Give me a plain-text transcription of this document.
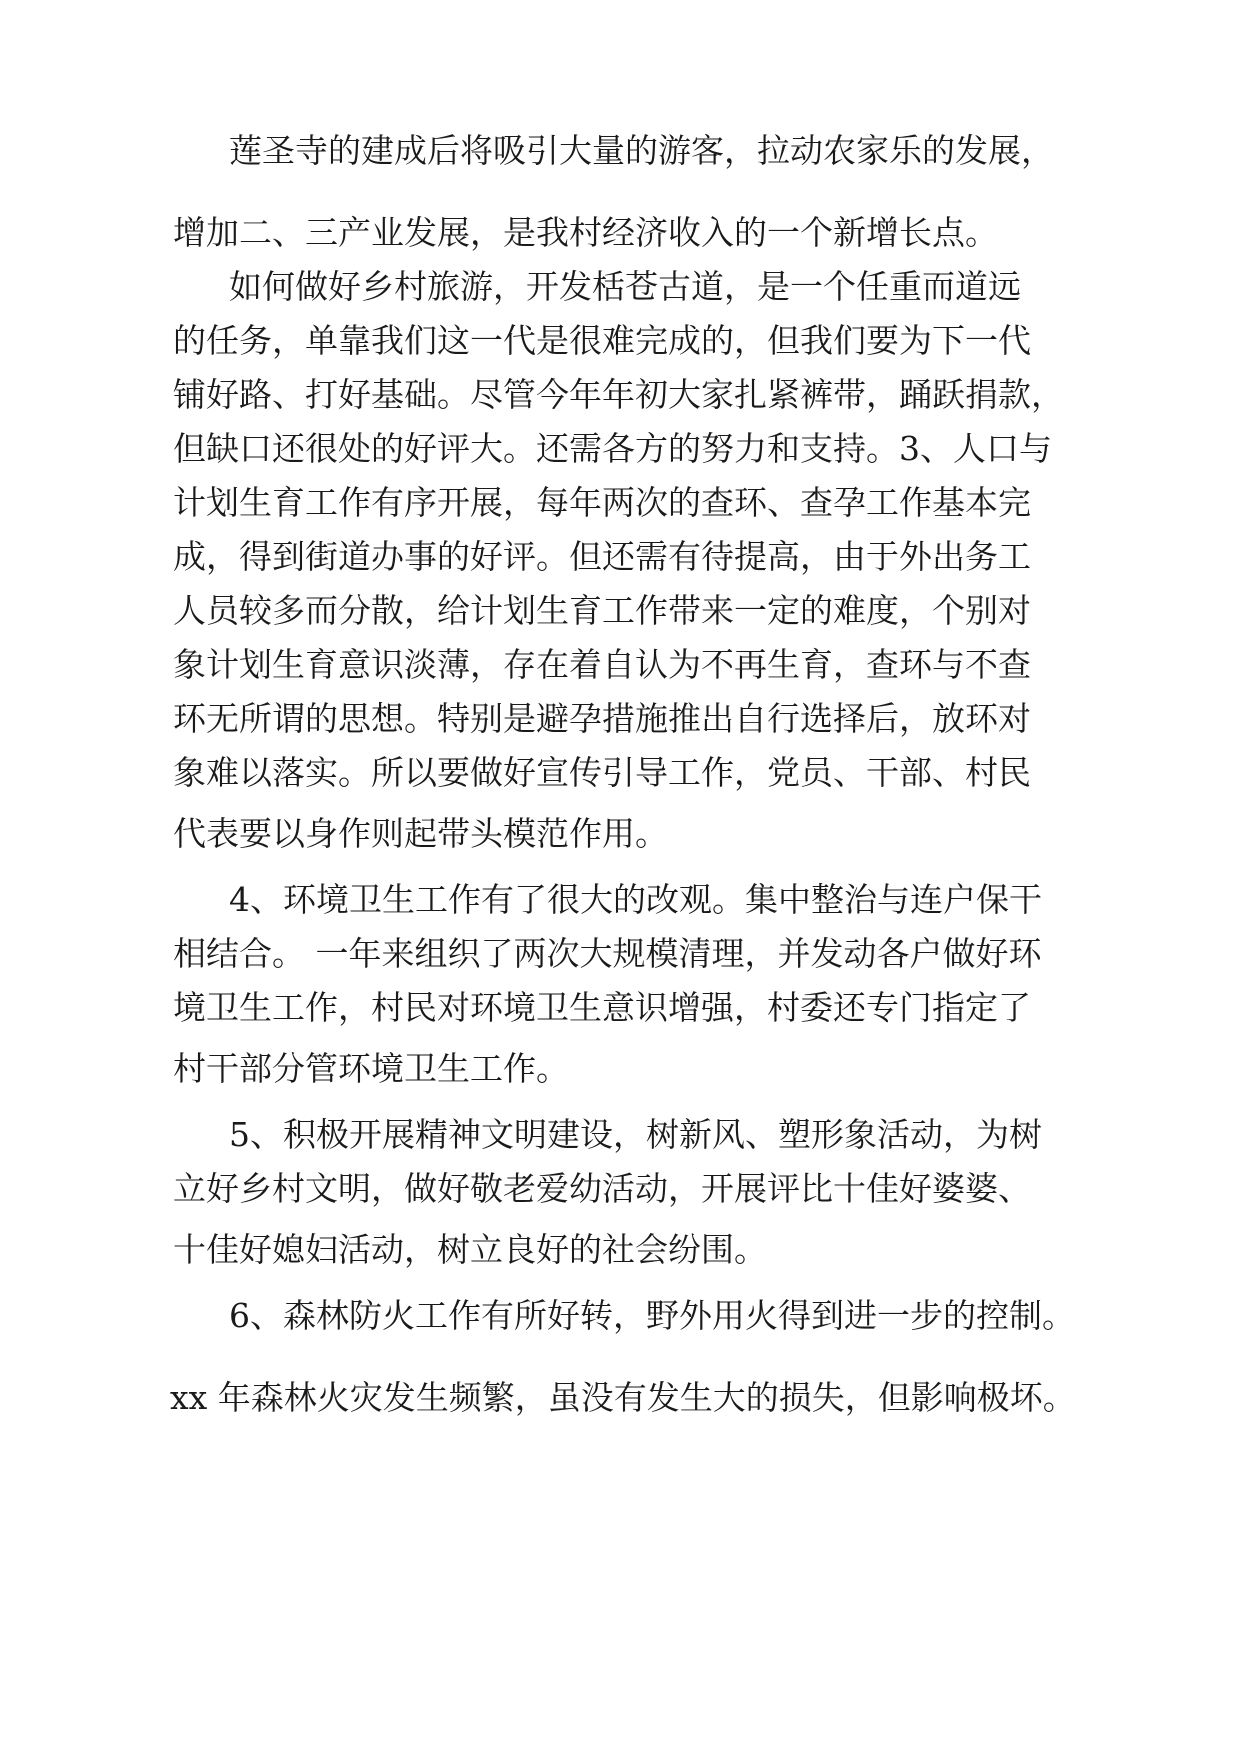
莲圣寺的建成后将吸引大量的游客，拉动农家乐的发展，
增加二、三产业发展，是我村经济收入的一个新增长点。
如何做好乡村旅游，开发栝苍古道，是一个任重而道远
的任务，单靠我们这一代是很难完成的，但我们要为下一代
铺好路、打好基础。尽管今年年初大家扎紧裤带，踊跃捐款，
但缺口还很处的好评大。还需各方的努力和支持。3、人口与
计划生育工作有序开展，每年两次的查环、查孕工作基本完
成，得到街道办事的好评。但还需有待提高，由于外出务工
人员较多而分散，给计划生育工作带来一定的难度，个别对
象计划生育意识淡薄，存在着自认为不再生育，查环与不查
环无所谓的思想。特别是避孕措施推出自行选择后，放环对
象难以落实。所以要做好宣传引导工作，党员、干部、村民
代表要以身作则起带头模范作用。
4、环境卫生工作有了很大的改观。集中整治与连户保干
相结合。 一年来组织了两次大规模清理，并发动各户做好环
境卫生工作，村民对环境卫生意识增强，村委还专门指定了
村干部分管环境卫生工作。
5、积极开展精神文明建设，树新风、塑形象活动，为树
立好乡村文明，做好敬老爱幼活动，开展评比十佳好婆婆、
十佳好媳妇活动，树立良好的社会纷围。
6、森林防火工作有所好转，野外用火得到进一步的控制。
xx 年森林火灾发生频繁，虽没有发生大的损失，但影响极坏。
